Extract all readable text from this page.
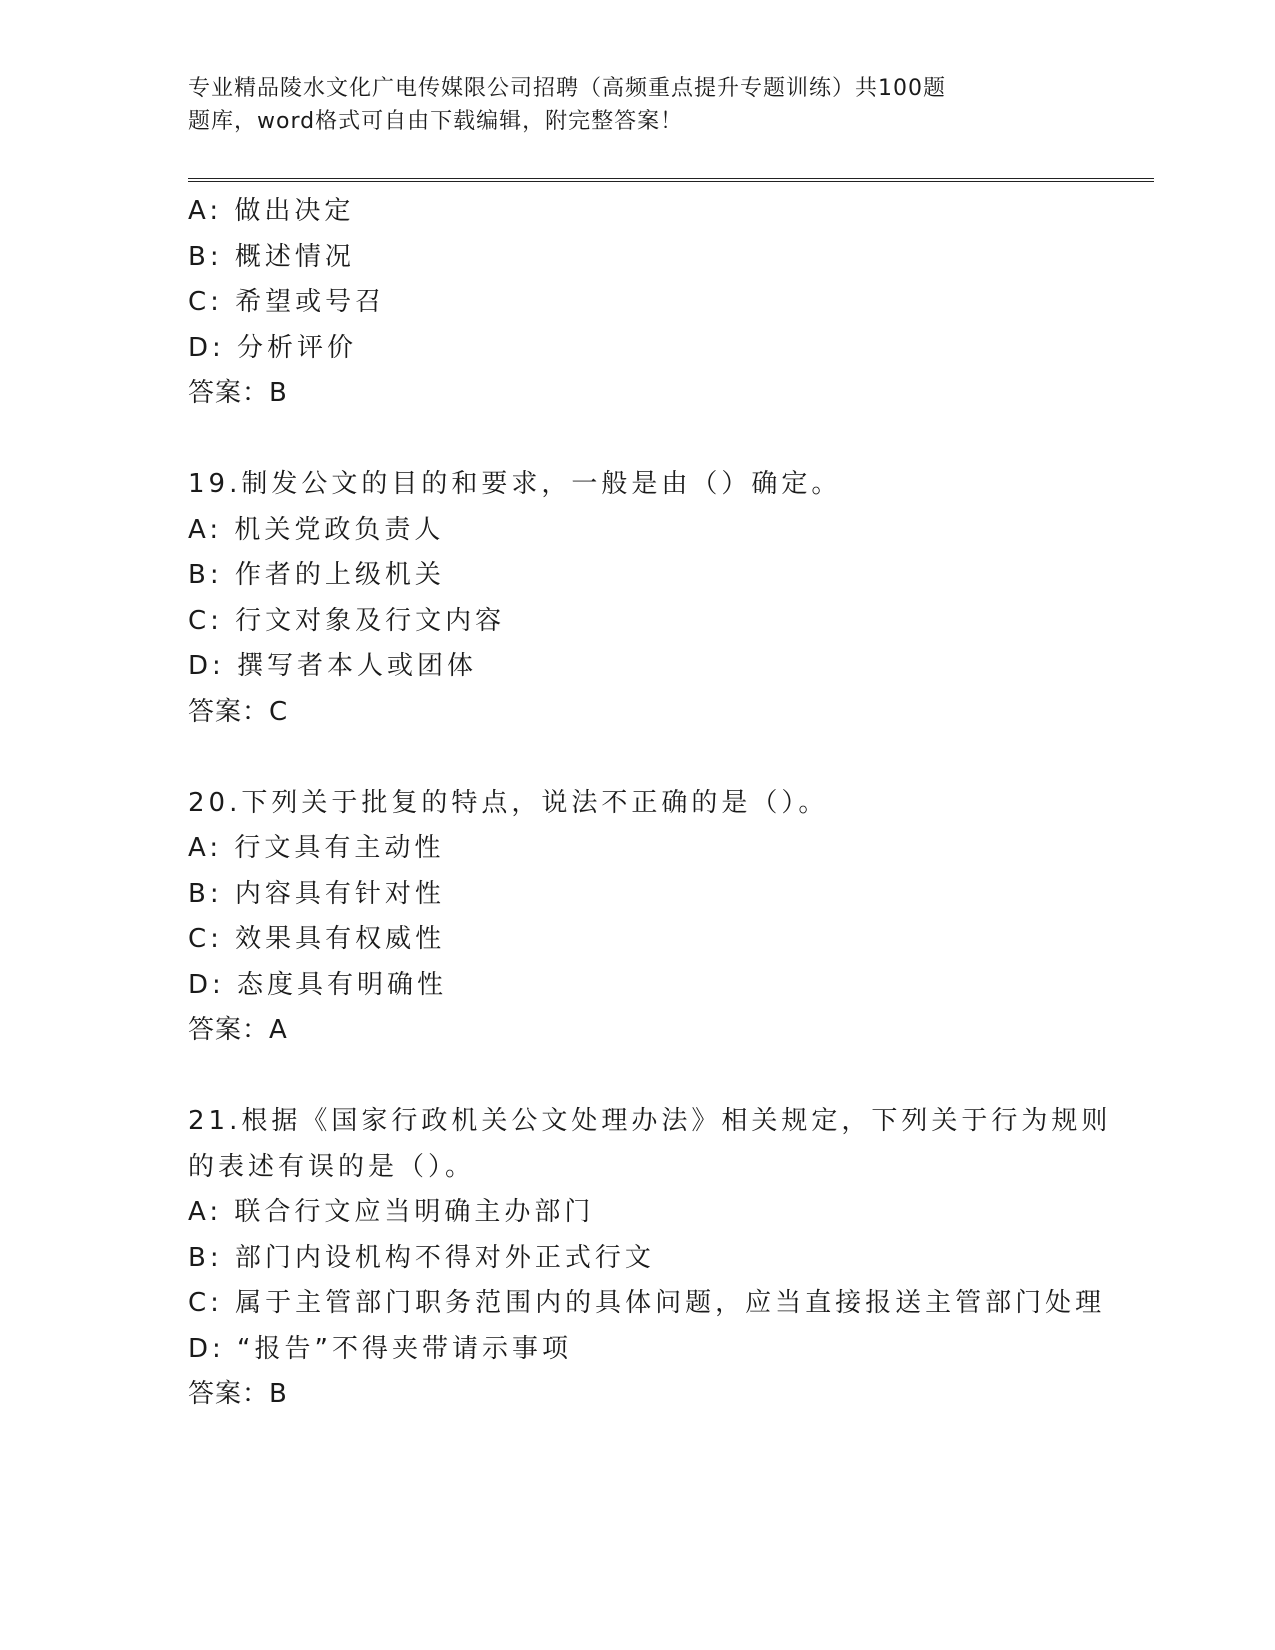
专业精品陵水文化广电传媒限公司招聘（高频重点提升专题训练）共100题
题库，word格式可自由下载编辑，附完整答案！
A: 做出决定
B: 概述情况
C: 希望或号召
D: 分析评价
答案：B
19.制发公文的目的和要求，一般是由（）确定。
A: 机关党政负责人
B: 作者的上级机关
C: 行文对象及行文内容
D: 撰写者本人或团体
答案：C
20.下列关于批复的特点，说法不正确的是（）。
A: 行文具有主动性
B: 内容具有针对性
C: 效果具有权威性
D: 态度具有明确性
答案：A
21.根据《国家行政机关公文处理办法》相关规定，下列关于行为规则
的表述有误的是（）。
A: 联合行文应当明确主办部门
B: 部门内设机构不得对外正式行文
C: 属于主管部门职务范围内的具体问题，应当直接报送主管部门处理
D: “报告”不得夹带请示事项
答案：B
